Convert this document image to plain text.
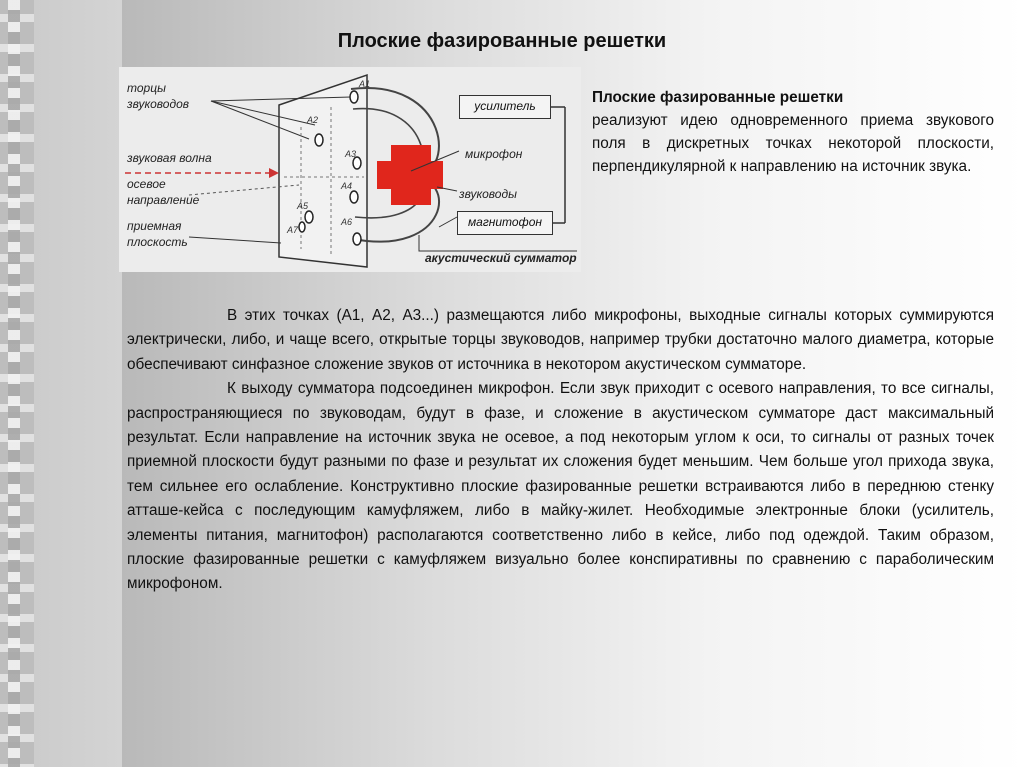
Плоские фазированные решетки
торцы
звуководов
звуковая волна
осевое
направление
приемная
плоскость
A1
A2
A3
A4
A5
A6
A7
усилитель
микрофон
звуководы
магнитофон
акустический сумматор
Плоские фазированные решетки
реализуют идею одновременного приема звукового поля в дискретных точках некоторой плоскости, перпендикулярной к направлению на источник звука.

В этих точках (А1, А2, А3...) размещаются либо микрофоны, выходные сигналы которых суммируются электрически, либо, и чаще всего, открытые торцы звуководов, например трубки достаточно малого диаметра, которые обеспечивают синфазное сложение звуков от источника в некотором акустическом сумматоре.

К выходу сумматора подсоединен микрофон. Если звук приходит с осевого направления, то все сигналы, распространяющиеся по звуководам, будут в фазе, и сложение в акустическом сумматоре даст максимальный результат. Если направление на источник звука не осевое, а под некоторым углом к оси, то сигналы от разных точек приемной плоскости будут разными по фазе и результат их сложения будет меньшим. Чем больше угол прихода звука, тем сильнее его ослабление. Конструктивно плоские фазированные решетки встраиваются либо в переднюю стенку атташе-кейса с последующим камуфляжем, либо в майку-жилет. Необходимые электронные блоки (усилитель, элементы питания, магнитофон) располагаются соответственно либо в кейсе, либо под одеждой. Таким образом, плоские фазированные решетки с камуфляжем визуально более конспиративны по сравнению с параболическим микрофоном.
